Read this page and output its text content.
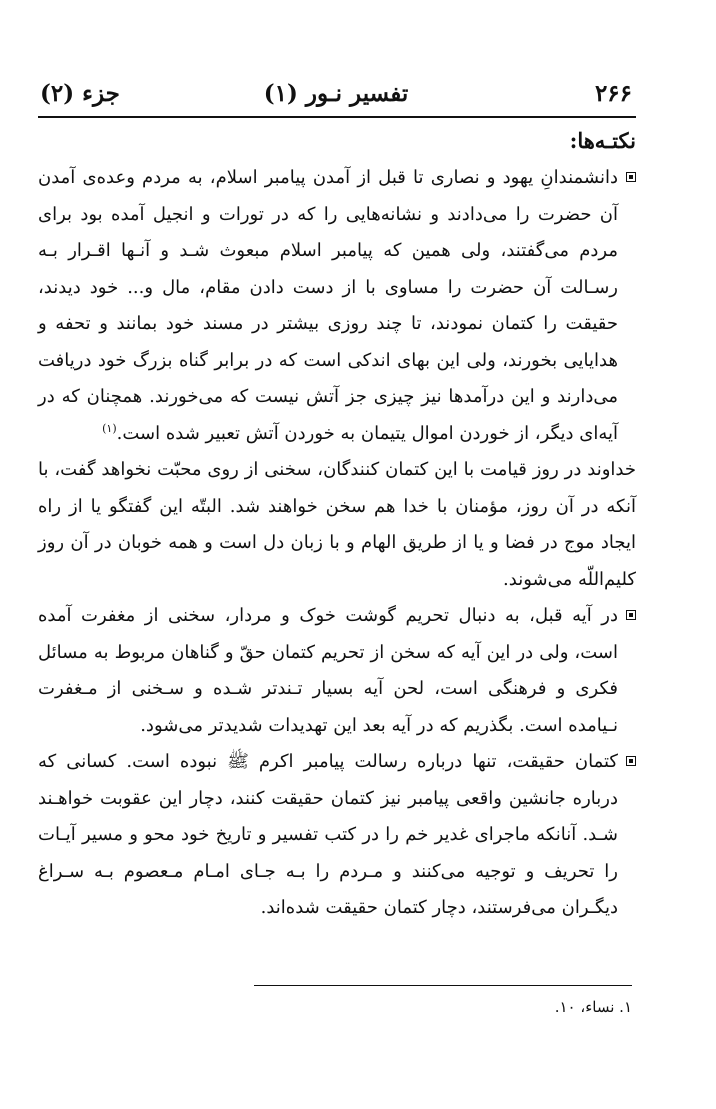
۲۶۶
تفسیر نـور (۱)
جزء (۲)

نکتـه‌ها:

دانشمندانِ یهود و نصاری تا قبل از آمدن پیامبر اسلام، به مردم وعده‌ی آمدن آن حضرت را می‌دادند و نشانه‌هایی را که در تورات و انجیل آمده بود برای مردم می‌گفتند، ولی همین که پیامبر اسلام مبعوث شـد و آنـها اقـرار بـه رسـالت آن حضرت را مساوی با از دست دادن مقام، مال و... خود دیدند، حقیقت را کتمان نمودند، تا چند روزی بیشتر در مسند خود بمانند و تحفه و هدایایی بخورند، ولی این بهای اندکی است که در برابر گناه بزرگ خود دریافت می‌دارند و این درآمدها نیز چیزی جز آتش نیست که می‌خورند. همچنان که در آیه‌ای دیگر، از خوردن اموال یتیمان به خوردن آتش تعبیر شده است.$^{(۱)}$

خداوند در روز قیامت با این کتمان کنندگان، سخنی از روی محبّت نخواهد گفت، با آنکه در آن روز، مؤمنان با خدا هم سخن خواهند شد. البتّه این گفتگو یا از راه ایجاد موج در فضا و یا از طریق الهام و با زبان دل است و همه خوبان در آن روز کلیم‌اللّه می‌شوند.

در آیه قبل، به دنبال تحریم گوشت خوک و مردار، سخنی از مغفرت آمده است، ولی در این آیه که سخن از تحریم کتمان حقّ و گناهان مربوط به مسائل فکری و فرهنگی است، لحن آیه بسیار تـندتر شـده و سـخنی از مـغفرت نـیامده است. بگذریم که در آیه بعد این تهدیدات شدیدتر می‌شود.

کتمان حقیقت، تنها درباره رسالت پیامبر اکرم ﷺ نبوده است. کسانی که درباره جانشین واقعی پیامبر نیز کتمان حقیقت کنند، دچار این عقوبت خواهـند شـد. آنانکه ماجرای غدیر خم را در کتب تفسیر و تاریخ خود محو و مسیر آیـات را تحریف و توجیه می‌کنند و مـردم را بـه جـای امـام مـعصوم بـه سـراغ دیگـران می‌فرستند، دچار کتمان حقیقت شده‌اند.

۱. نساء، ۱۰.
